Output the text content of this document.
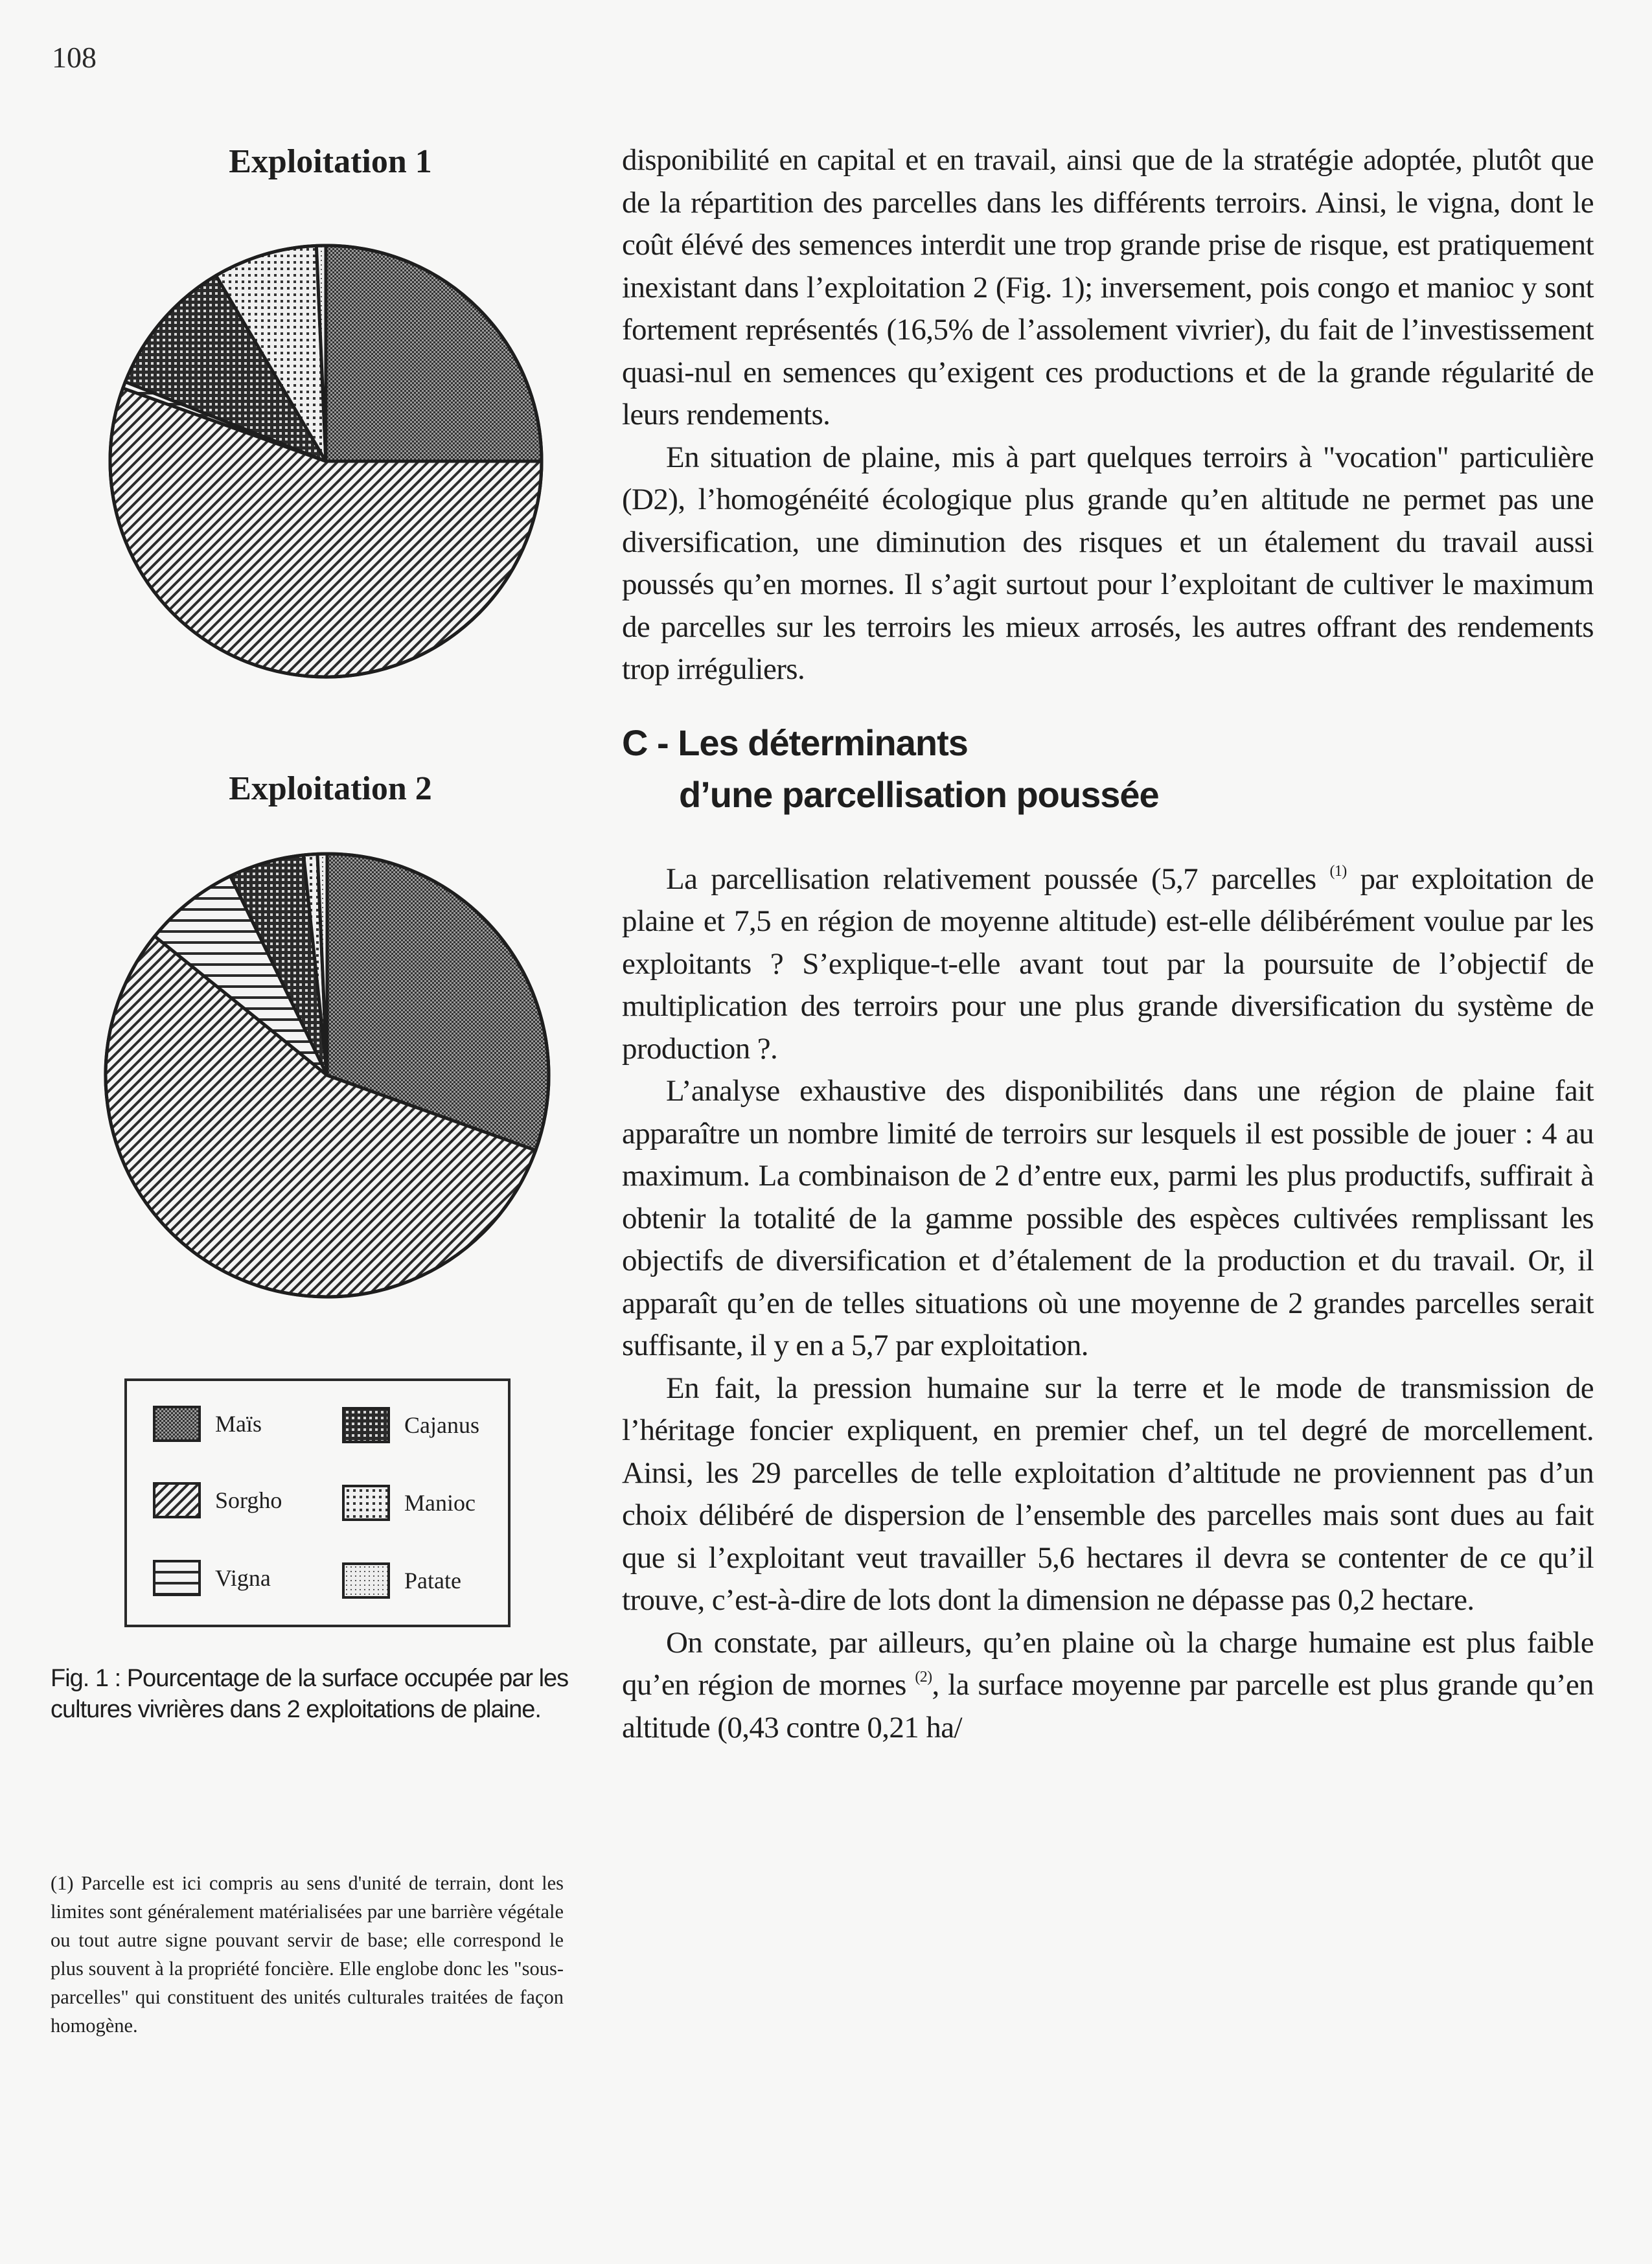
108
Exploitation 1
Exploitation 2
Maïs	Cajanus
Sorgho	Manioc
Vigna	Patate
Fig. 1 : Pourcentage de la surface occupée par les cultures vivrières dans 2 exploitations de plaine.
(1) Parcelle est ici compris au sens d'unité de terrain, dont les limites sont généralement matérialisées par une barrière végétale ou tout autre signe pouvant servir de base; elle correspond le plus souvent à la propriété foncière. Elle englobe donc les "sous-parcelles" qui constituent des unités culturales traitées de façon homogène.

disponibilité en capital et en travail, ainsi que de la stratégie adoptée, plutôt que de la répartition des parcelles dans les différents terroirs. Ainsi, le vigna, dont le coût élévé des semences interdit une trop grande prise de risque, est pratiquement inexistant dans l’exploitation 2 (Fig. 1); inversement, pois congo et manioc y sont fortement représentés (16,5% de l’assolement vivrier), du fait de l’investissement quasi-nul en semences qu’exigent ces productions et de la grande régularité de leurs rendements.

En situation de plaine, mis à part quelques terroirs à "vocation" particulière (D2), l’homogénéité écologique plus grande qu’en altitude ne permet pas une diversification, une diminution des risques et un étalement du travail aussi poussés qu’en mornes. Il s’agit surtout pour l’exploitant de cultiver le maximum de parcelles sur les terroirs les mieux arrosés, les autres offrant des rendements trop irréguliers.

C - Les déterminants
d’une parcellisation poussée

La parcellisation relativement poussée (5,7 parcelles $^{(1)}$ par exploitation de plaine et 7,5 en région de moyenne altitude) est-elle délibérément voulue par les exploitants ? S’explique-t-elle avant tout par la poursuite de l’objectif de multiplication des terroirs pour une plus grande diversification du système de production ?.

L’analyse exhaustive des disponibilités dans une région de plaine fait apparaître un nombre limité de terroirs sur lesquels il est possible de jouer : 4 au maximum. La combinaison de 2 d’entre eux, parmi les plus productifs, suffirait à obtenir la totalité de la gamme possible des espèces cultivées remplissant les objectifs de diversification et d’étalement de la production et du travail. Or, il apparaît qu’en de telles situations où une moyenne de 2 grandes parcelles serait suffisante, il y en a 5,7 par exploitation.

En fait, la pression humaine sur la terre et le mode de transmission de l’héritage foncier expliquent, en premier chef, un tel degré de morcellement. Ainsi, les 29 parcelles de telle exploitation d’altitude ne proviennent pas d’un choix délibéré de dispersion de l’ensemble des parcelles mais sont dues au fait que si l’exploitant veut travailler 5,6 hectares il devra se contenter de ce qu’il trouve, c’est-à-dire de lots dont la dimension ne dépasse pas 0,2 hectare.

On constate, par ailleurs, qu’en plaine où la charge humaine est plus faible qu’en région de mornes $^{(2)}$, la surface moyenne par parcelle est plus grande qu’en altitude (0,43 contre 0,21 ha/
